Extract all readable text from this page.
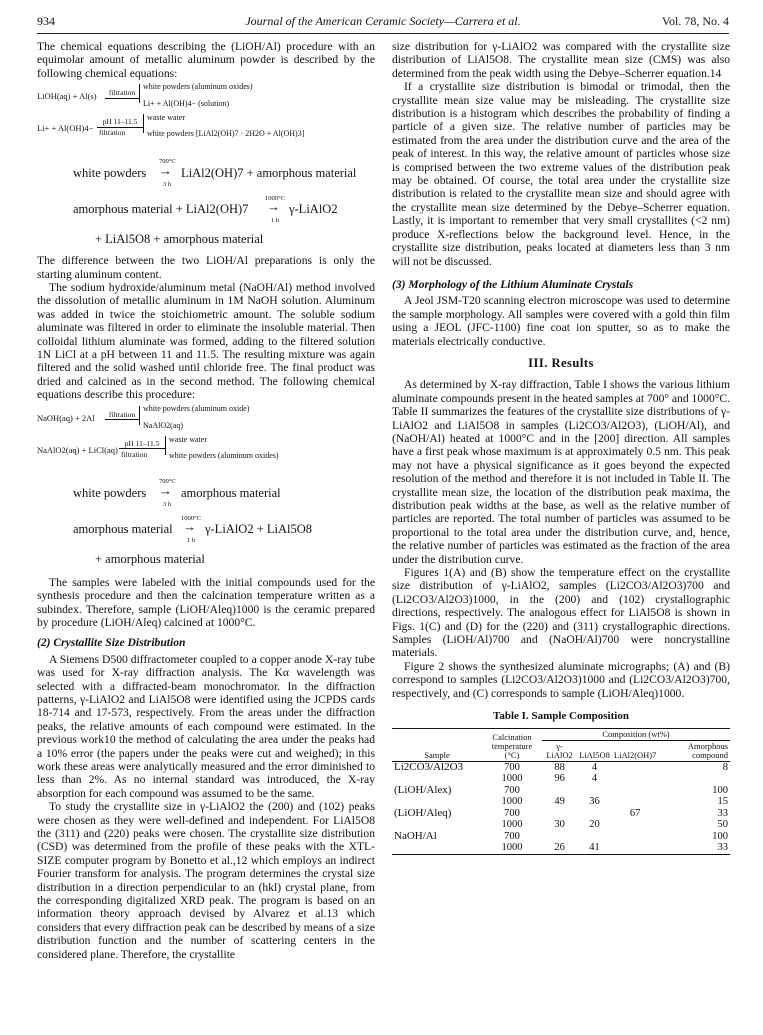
934	Journal of the American Ceramic Society—Carrera et al.	Vol. 78, No. 4

The chemical equations describing the (LiOH/Al) procedure with an equimolar amount of metallic aluminum powder is described by the following chemical equations:

LiOH(aq) + Al(s)	filtration
white powders (aluminum oxides)
Li+ + Al(OH)4− (solution)
Li+ + Al(OH)4−
pH 11–11.5
filtration
waste water
white powders [LiAl2(OH)7 · 2H2O + Al(OH)3]
white powders
700°C
→
3 h
LiAl2(OH)7 + amorphous material
amorphous material + LiAl2(OH)7
1000°C
→
1 h
γ-LiAlO2
+ LiAl5O8 + amorphous material

The difference between the two LiOH/Al preparations is only the starting aluminum content.

The sodium hydroxide/aluminum metal (NaOH/Al) method involved the dissolution of metallic aluminum in 1M NaOH solution. Aluminum was added in twice the stoichiometric amount. The soluble sodium aluminate was filtered in order to eliminate the insoluble material. Then colloidal lithium aluminate was formed, adding to the filtered solution 1N LiCl at a pH between 11 and 11.5. The resulting mixture was again filtered and the solid washed until chloride free. The final product was dried and calcined as in the second method. The following chemical equations describe this procedure:

NaOH(aq) + 2Al	filtration
white powders (aluminum oxide)
NaAlO2(aq)
NaAlO2(aq) + LiCl(aq)
pH 11–11.5
filtration
waste water
white powders (aluminum oxides)
white powders
700°C
→
3 h
amorphous material
amorphous material
1000°C
→
1 h
γ-LiAlO2 + LiAl5O8
+ amorphous material

The samples were labeled with the initial compounds used for the synthesis procedure and then the calcination temperature written as a subindex. Therefore, sample (LiOH/Aleq)1000 is the ceramic prepared by procedure (LiOH/Aleq) calcined at 1000°C.

(2) Crystallite Size Distribution

A Siemens D500 diffractometer coupled to a copper anode X-ray tube was used for X-ray diffraction analysis. The Kα wavelength was selected with a diffracted-beam monochromator. In the diffraction patterns, γ-LiAlO2 and LiAl5O8 were identified using the JCPDS cards 18-714 and 17-573, respectively. From the areas under the diffraction peaks, the relative amounts of each compound were estimated. In the previous work10 the method of calculating the area under the peaks had a 10% error (the papers under the peaks were cut and weighed); in this work these areas were analytically measured and the error diminished to less than 2%. As no internal standard was introduced, the X-ray absorption for each compound was assumed to be the same.

To study the crystallite size in γ-LiAlO2 the (200) and (102) peaks were chosen as they were well-defined and independent. For LiAl5O8 the (311) and (220) peaks were chosen. The crystallite size distribution (CSD) was determined from the profile of these peaks with the XTL-SIZE computer program by Bonetto et al.,12 which employs an indirect Fourier transform for analysis. The program determines the crystal size distribution in a direction perpendicular to an (hkl) crystal plane, from the corresponding digitalized XRD peak. The program is based on an information theory approach devised by Alvarez et al.13 which considers that every diffraction peak can be described by means of a size distribution function and the number of scattering centers in the considered plane. Therefore, the crystallite

size distribution for γ-LiAlO2 was compared with the crystallite size distribution of LiAl5O8. The crystallite mean size (CMS) was also determined from the peak width using the Debye–Scherrer equation.14

If a crystallite size distribution is bimodal or trimodal, then the crystallite mean size value may be misleading. The crystallite size distribution is a histogram which describes the probability of finding a particle of a given size. The relative number of particles may be estimated from the area under the distribution curve and the area of the peak of interest. In this way, the relative amount of particles whose size is comprised between the two extreme values of the distribution peak may be obtained. Of course, the total area under the crystallite size distribution is related to the crystallite mean size and should agree with the crystallite mean size determined by the Debye–Scherrer equation. Lastly, it is important to remember that very small crystallites (<2 nm) produce X-reflections below the background level. Hence, in the crystallite size distribution, peaks located at diameters less than 3 nm will not be discussed.

(3) Morphology of the Lithium Aluminate Crystals

A Jeol JSM-T20 scanning electron microscope was used to determine the sample morphology. All samples were covered with a gold thin film using a JEOL (JFC-1100) fine coat ion sputter, so as to make the materials electrically conductive.

III. Results

As determined by X-ray diffraction, Table I shows the various lithium aluminate compounds present in the heated samples at 700° and 1000°C. Table II summarizes the features of the crystallite size distributions of γ-LiAlO2 and LiAl5O8 in samples (Li2CO3/Al2O3), (LiOH/Al), and (NaOH/Al) heated at 1000°C and in the [200] direction. All samples have a first peak whose maximum is at approximately 0.5 nm. This peak may not have a physical significance as it goes beyond the expected resolution of the method and therefore it is not included in Table II. The crystallite mean size, the location of the distribution peak maxima, the distribution peak widths at the base, as well as the relative number of particles are reported. The total number of particles was assumed to be proportional to the total area under the distribution curve, and, hence, the relative number of particles was estimated as the fraction of the area under the distribution curve.

Figures 1(A) and (B) show the temperature effect on the crystallite size distribution of γ-LiAlO2, samples (Li2CO3/Al2O3)700 and (Li2CO3/Al2O3)1000, in the (200) and (102) crystallographic directions, respectively. The analogous effect for LiAl5O8 is shown in Figs. 1(C) and (D) for the (220) and (311) crystallographic directions. Samples (LiOH/Al)700 and (NaOH/Al)700 were noncrystalline materials.

Figure 2 shows the synthesized aluminate micrographs; (A) and (B) correspond to samples (Li2CO3/Al2O3)1000 and (Li2CO3/Al2O3)700, respectively, and (C) corresponds to sample (LiOH/Aleq)1000.

Table I. Sample Composition
Sample	Calcination temperature (°C)	Composition (wt%)			
		γ-LiAlO2	LiAl5O8	LiAl2(OH)7	Amorphous compound
Li2CO3/Al2O3	700	88	4		8
	1000	96	4		
(LiOH/Alex)	700				100
	1000	49	36		15
(LiOH/Aleq)	700			67	33
	1000	30	20		50
NaOH/Al	700				100
	1000	26	41		33
